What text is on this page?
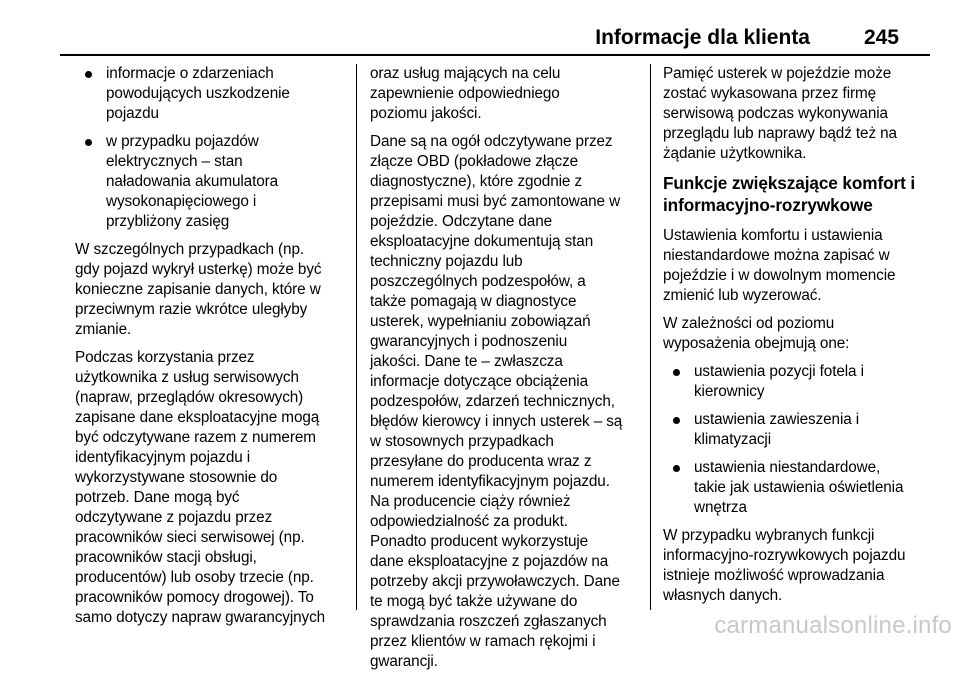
Informacje dla klienta	245
informacje o zdarzeniach
powodujących uszkodzenie
pojazdu
w przypadku pojazdów
elektrycznych – stan
naładowania akumulatora
wysokonapięciowego i
przybliżony zasięg

W szczególnych przypadkach (np.
gdy pojazd wykrył usterkę) może być
konieczne zapisanie danych, które w
przeciwnym razie wkrótce uległyby
zmianie.

Podczas korzystania przez
użytkownika z usług serwisowych
(napraw, przeglądów okresowych)
zapisane dane eksploatacyjne mogą
być odczytywane razem z numerem
identyfikacyjnym pojazdu i
wykorzystywane stosownie do
potrzeb. Dane mogą być
odczytywane z pojazdu przez
pracowników sieci serwisowej (np.
pracowników stacji obsługi,
producentów) lub osoby trzecie (np.
pracowników pomocy drogowej). To
samo dotyczy napraw gwarancyjnych

oraz usług mających na celu
zapewnienie odpowiedniego
poziomu jakości.

Dane są na ogół odczytywane przez
złącze OBD (pokładowe złącze
diagnostyczne), które zgodnie z
przepisami musi być zamontowane w
pojeździe. Odczytane dane
eksploatacyjne dokumentują stan
techniczny pojazdu lub
poszczególnych podzespołów, a
także pomagają w diagnostyce
usterek, wypełnianiu zobowiązań
gwarancyjnych i podnoszeniu
jakości. Dane te – zwłaszcza
informacje dotyczące obciążenia
podzespołów, zdarzeń technicznych,
błędów kierowcy i innych usterek – są
w stosownych przypadkach
przesyłane do producenta wraz z
numerem identyfikacyjnym pojazdu.
Na producencie ciąży również
odpowiedzialność za produkt.
Ponadto producent wykorzystuje
dane eksploatacyjne z pojazdów na
potrzeby akcji przywoławczych. Dane
te mogą być także używane do
sprawdzania roszczeń zgłaszanych
przez klientów w ramach rękojmi i
gwarancji.

Pamięć usterek w pojeździe może
zostać wykasowana przez firmę
serwisową podczas wykonywania
przeglądu lub naprawy bądź też na
żądanie użytkownika.

Funkcje zwiększające komfort i
informacyjno-rozrywkowe

Ustawienia komfortu i ustawienia
niestandardowe można zapisać w
pojeździe i w dowolnym momencie
zmienić lub wyzerować.

W zależności od poziomu
wyposażenia obejmują one:

ustawienia pozycji fotela i
kierownicy
ustawienia zawieszenia i
klimatyzacji
ustawienia niestandardowe,
takie jak ustawienia oświetlenia
wnętrza

W przypadku wybranych funkcji
informacyjno-rozrywkowych pojazdu
istnieje możliwość wprowadzania
własnych danych.

carmanualsonline.info
